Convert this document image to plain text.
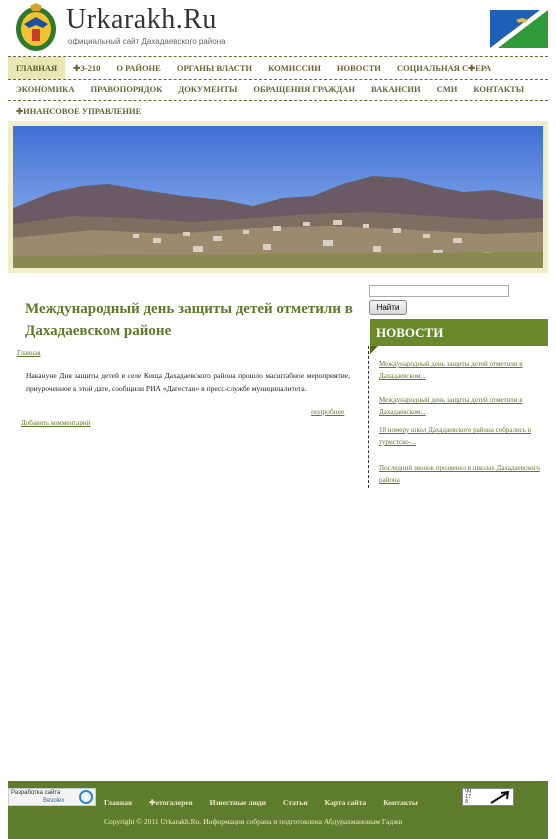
Urkarakh.Ru
официальный сайт Дахадаевского района
ГЛАВНАЯ	✚З-210	О РАЙОНЕ	ОРГАНЫ ВЛАСТИ	КОМИССИИ	НОВОСТИ	СОЦИАЛЬНАЯ С✚ЕРА
ЭКОНОМИКА	ПРАВОПОРЯДОК	ДОКУМЕНТЫ	ОБРАЩЕНИЯ ГРАЖДАН	ВАКАНСИИ	СМИ	КОНТАКТЫ
✚ИНАНСОВОЕ УПРАВЛЕНИЕ
Международный день защиты детей отметили в Дахадаевском районе
Главная
Накануне Дня защиты детей в селе Кища Дахадаевского района прошло масштабное мероприятие, приуроченное к этой дате, сообщили РИА «Дагестан» в пресс-службе муниципалитета.
подробнее
Добавить комментарий
Найти
НОВОСТИ
Международный день защиты детей отметили в Дахадаевском...
Международный день защиты детей отметили в Дахадаевском...
18 номеру школ Дахадаевского района собрались в туристско-...
Последний звонок прозвенел в школах Дахадаевского района
Разработка сайта
Bevolex	Главная ✚отогалерея Известные люди Статьи Карта сайта Контакты
Copyright © 2011 Urkarakh.Ru. Информация собрана и подготовлена Абдурахмановым Гаджи
ЧЧ
17
8
